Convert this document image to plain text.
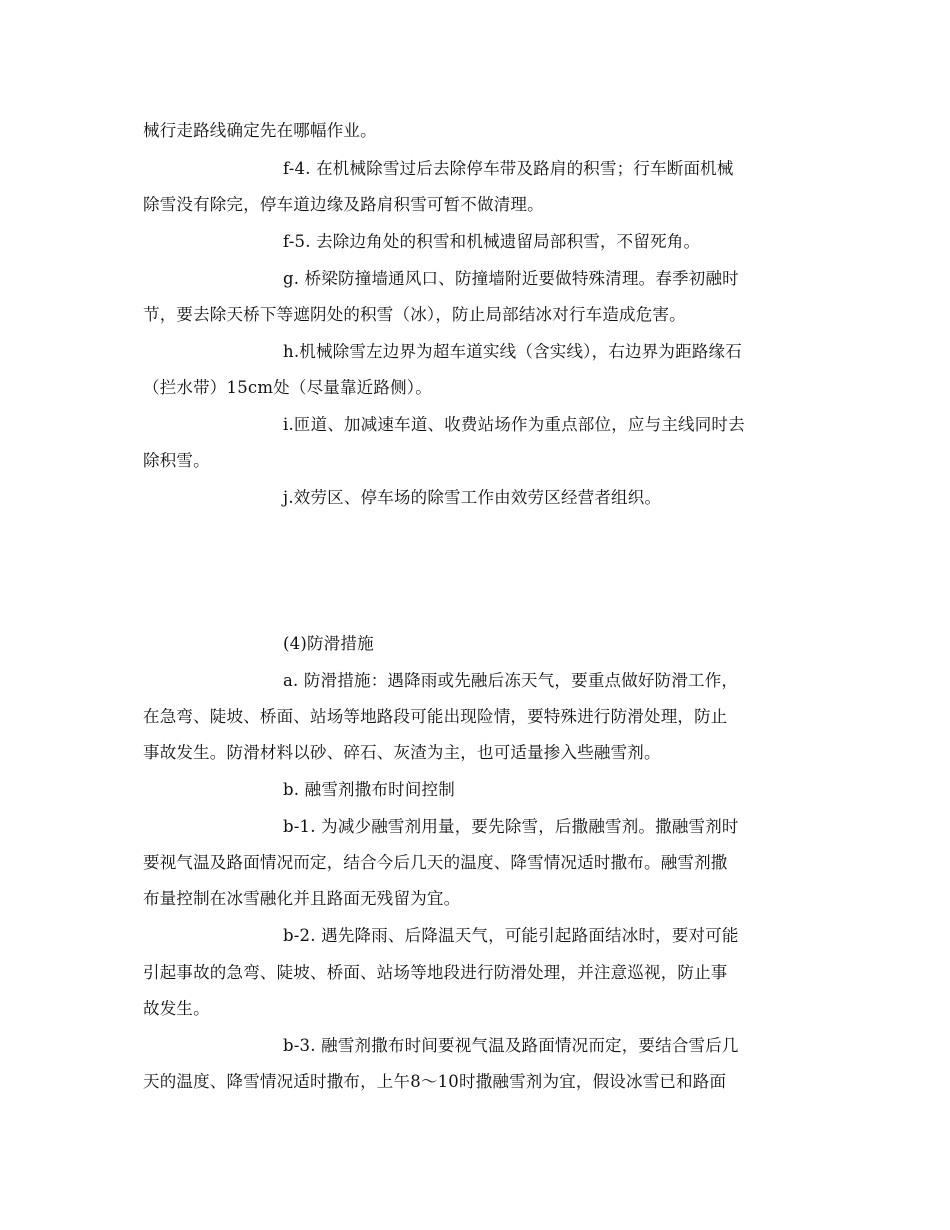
械行走路线确定先在哪幅作业。
f-4. 在机械除雪过后去除停车带及路肩的积雪；行车断面机械
除雪没有除完，停车道边缘及路肩积雪可暂不做清理。
f-5. 去除边角处的积雪和机械遗留局部积雪，不留死角。
g. 桥梁防撞墙通风口、防撞墙附近要做特殊清理。春季初融时
节，要去除天桥下等遮阴处的积雪（冰），防止局部结冰对行车造成危害。
h.机械除雪左边界为超车道实线（含实线），右边界为距路缘石
（拦水带）15cm处（尽量靠近路侧）。
i.匝道、加减速车道、收费站场作为重点部位，应与主线同时去
除积雪。
j.效劳区、停车场的除雪工作由效劳区经营者组织。
(4)防滑措施
a. 防滑措施：遇降雨或先融后冻天气，要重点做好防滑工作，
在急弯、陡坡、桥面、站场等地路段可能出现险情，要特殊进行防滑处理，防止
事故发生。防滑材料以砂、碎石、灰渣为主，也可适量掺入些融雪剂。
b. 融雪剂撒布时间控制
b-1. 为减少融雪剂用量，要先除雪，后撒融雪剂。撒融雪剂时
要视气温及路面情况而定，结合今后几天的温度、降雪情况适时撒布。融雪剂撒
布量控制在冰雪融化并且路面无残留为宜。
b-2. 遇先降雨、后降温天气，可能引起路面结冰时，要对可能
引起事故的急弯、陡坡、桥面、站场等地段进行防滑处理，并注意巡视，防止事
故发生。
b-3. 融雪剂撒布时间要视气温及路面情况而定，要结合雪后几
天的温度、降雪情况适时撒布，上午8～10时撒融雪剂为宜，假设冰雪已和路面
